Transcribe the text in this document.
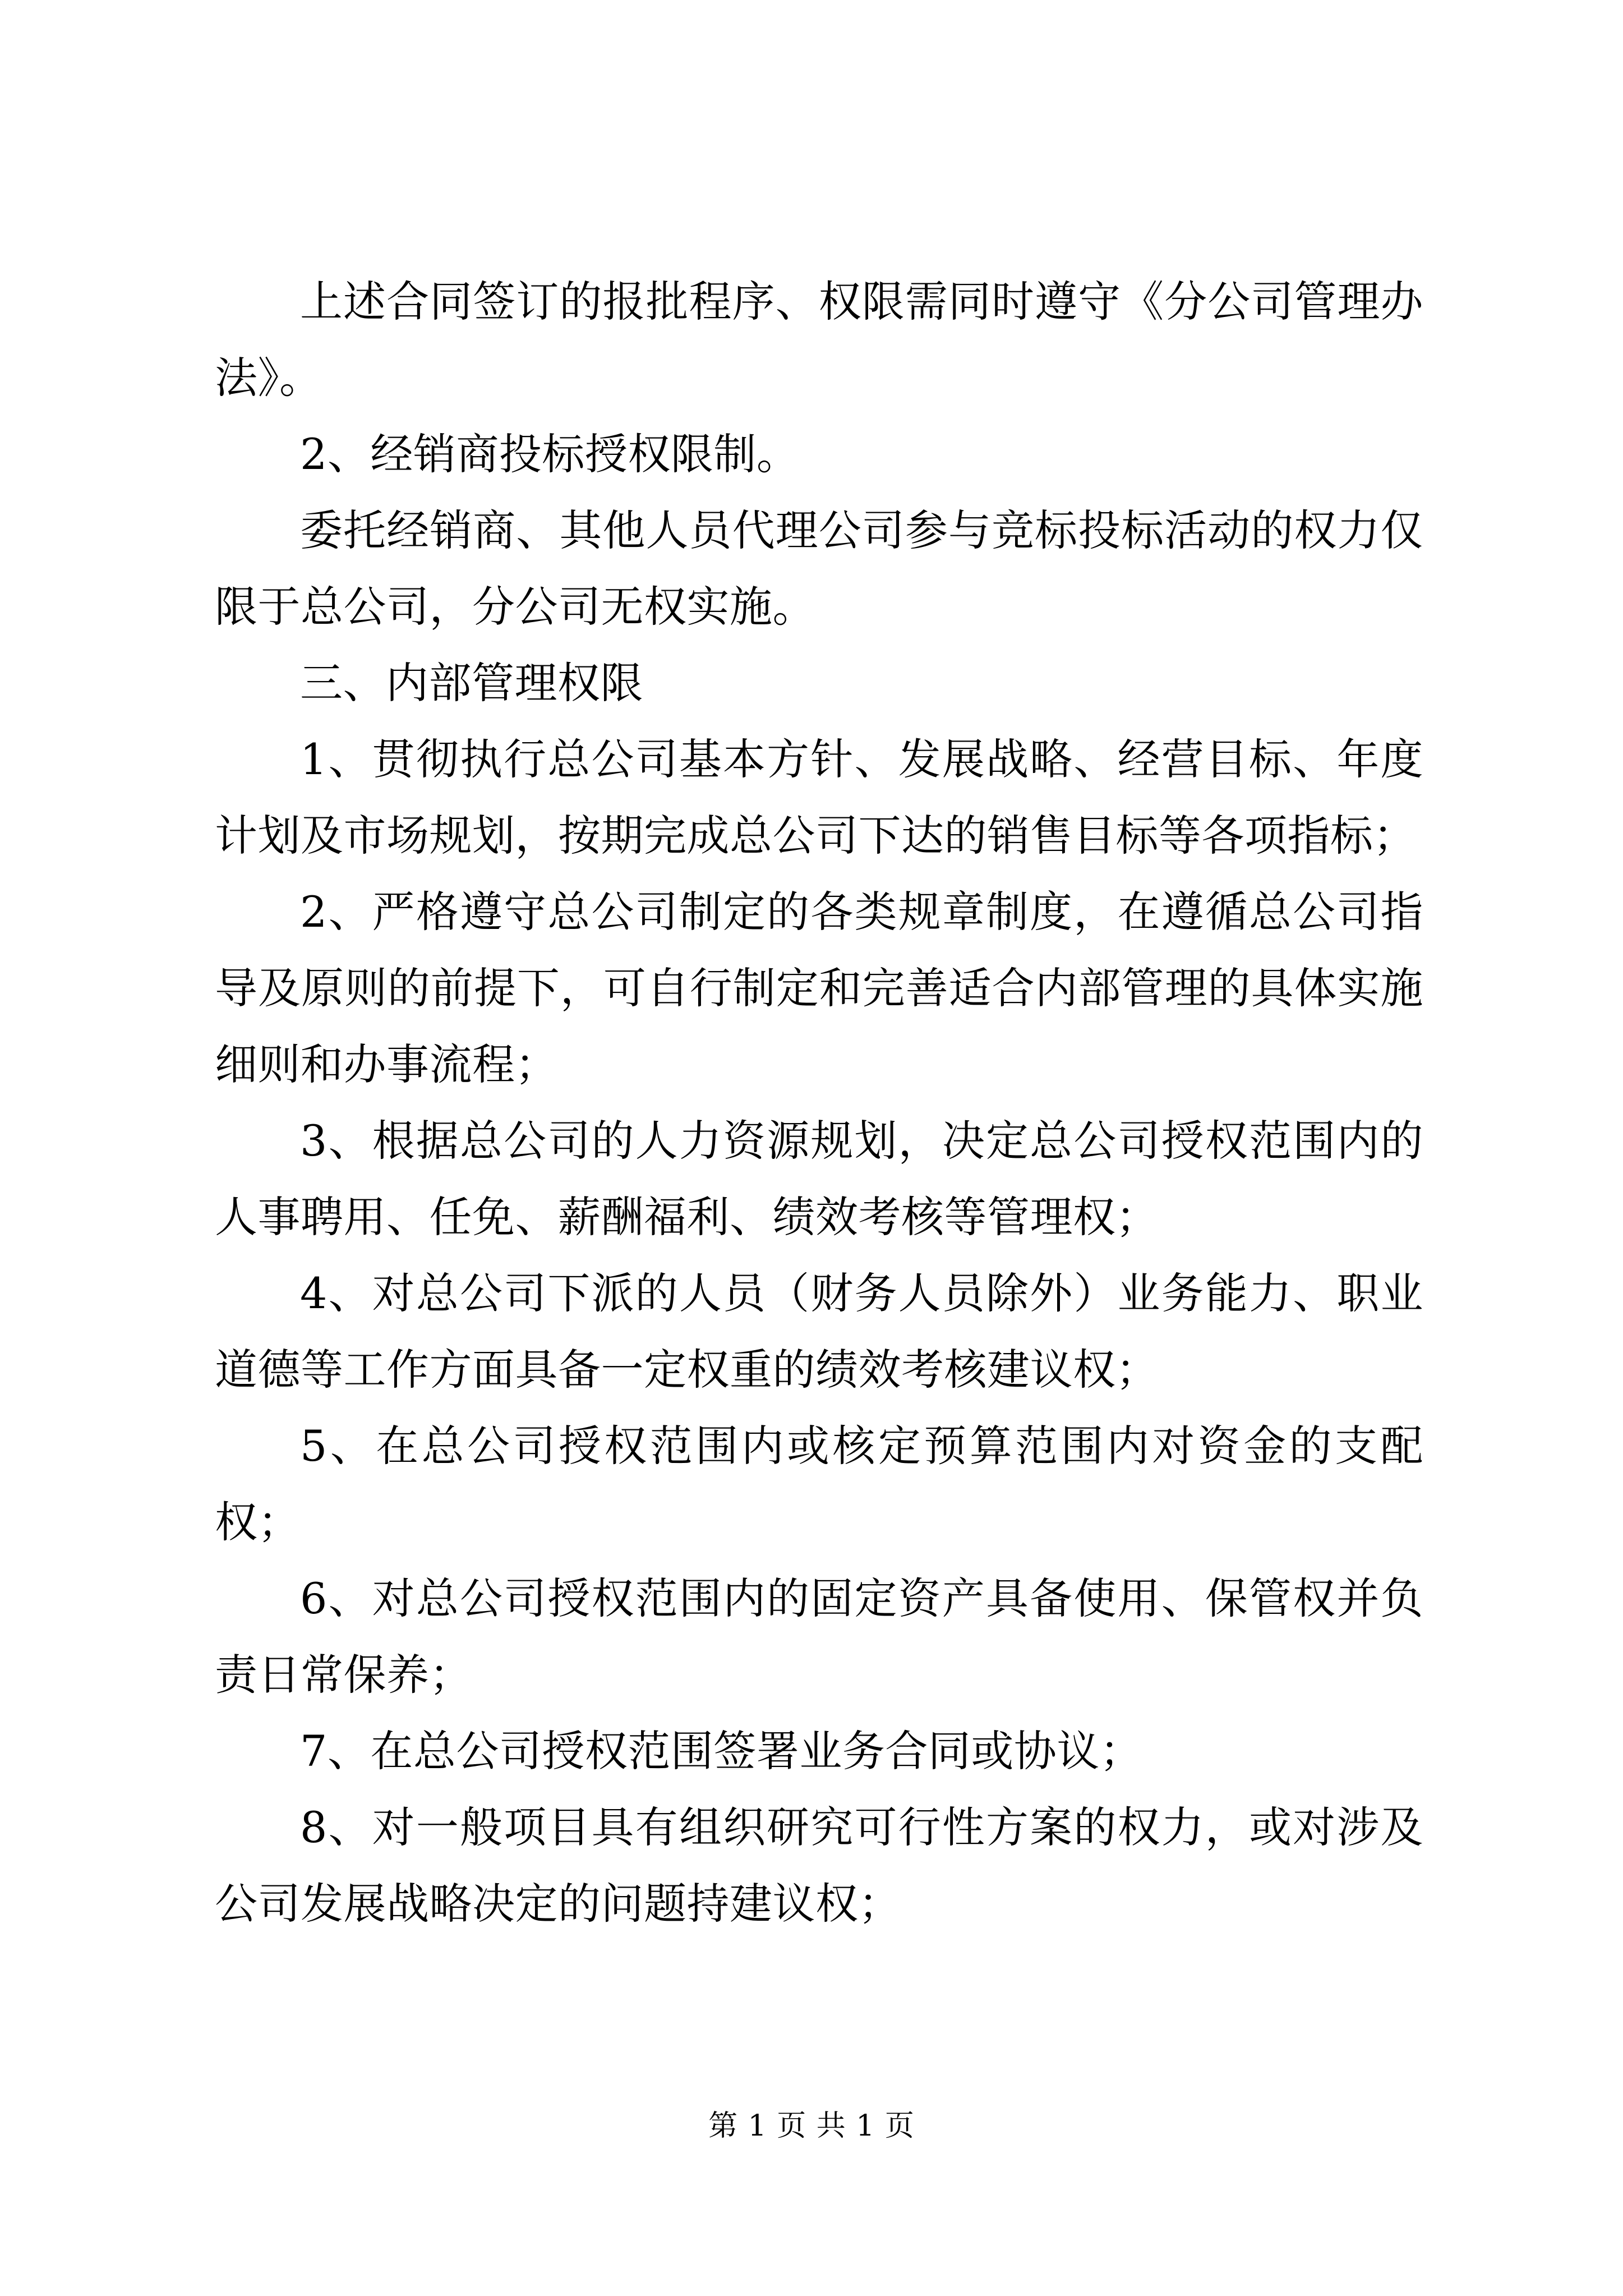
上述合同签订的报批程序、权限需同时遵守《分公司管理办法》。

2、经销商投标授权限制。

委托经销商、其他人员代理公司参与竞标投标活动的权力仅限于总公司，分公司无权实施。

三、内部管理权限

1、贯彻执行总公司基本方针、发展战略、经营目标、年度计划及市场规划，按期完成总公司下达的销售目标等各项指标；

2、严格遵守总公司制定的各类规章制度，在遵循总公司指导及原则的前提下，可自行制定和完善适合内部管理的具体实施细则和办事流程；

3、根据总公司的人力资源规划，决定总公司授权范围内的人事聘用、任免、薪酬福利、绩效考核等管理权；

4、对总公司下派的人员（财务人员除外）业务能力、职业道德等工作方面具备一定权重的绩效考核建议权；

5、在总公司授权范围内或核定预算范围内对资金的支配权；

6、对总公司授权范围内的固定资产具备使用、保管权并负责日常保养；

7、在总公司授权范围签署业务合同或协议；

8、对一般项目具有组织研究可行性方案的权力，或对涉及公司发展战略决定的问题持建议权；

第 1 页 共 1 页
